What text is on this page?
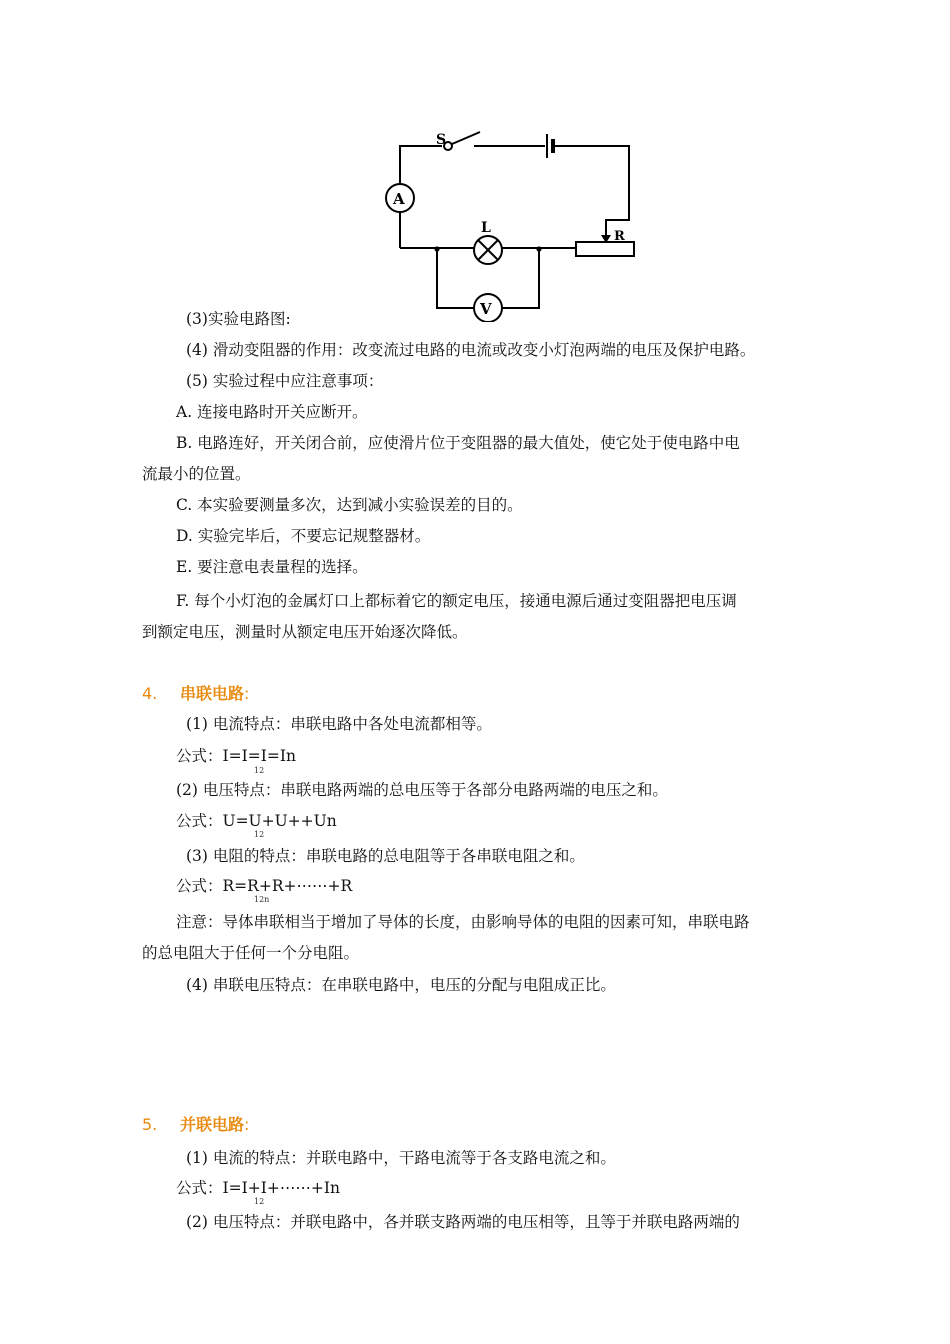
S
A
L
V
R
(3)实验电路图:
(4) 滑动变阻器的作用：改变流过电路的电流或改变小灯泡两端的电压及保护电路。
(5) 实验过程中应注意事项：
A. 连接电路时开关应断开。
B. 电路连好，开关闭合前，应使滑片位于变阻器的最大值处，使它处于使电路中电
流最小的位置。
C. 本实验要测量多次，达到减小实验误差的目的。
D. 实验完毕后，不要忘记规整器材。
E. 要注意电表量程的选择。
F. 每个小灯泡的金属灯口上都标着它的额定电压，接通电源后通过变阻器把电压调
到额定电压，测量时从额定电压开始逐次降低。
4. 串联电路:
(1) 电流特点：串联电路中各处电流都相等。
公式：I=I=I=In
12
(2) 电压特点：串联电路两端的总电压等于各部分电路两端的电压之和。
公式：U=U+U++Un
12
(3) 电阻的特点：串联电路的总电阻等于各串联电阻之和。
公式：R=R+R+⋯⋯+R
12n
注意：导体串联相当于增加了导体的长度，由影响导体的电阻的因素可知，串联电路
的总电阻大于任何一个分电阻。
(4) 串联电压特点：在串联电路中，电压的分配与电阻成正比。
5. 并联电路:
(1) 电流的特点：并联电路中，干路电流等于各支路电流之和。
公式：I=I+I+⋯⋯+In
12
(2) 电压特点：并联电路中，各并联支路两端的电压相等，且等于并联电路两端的
